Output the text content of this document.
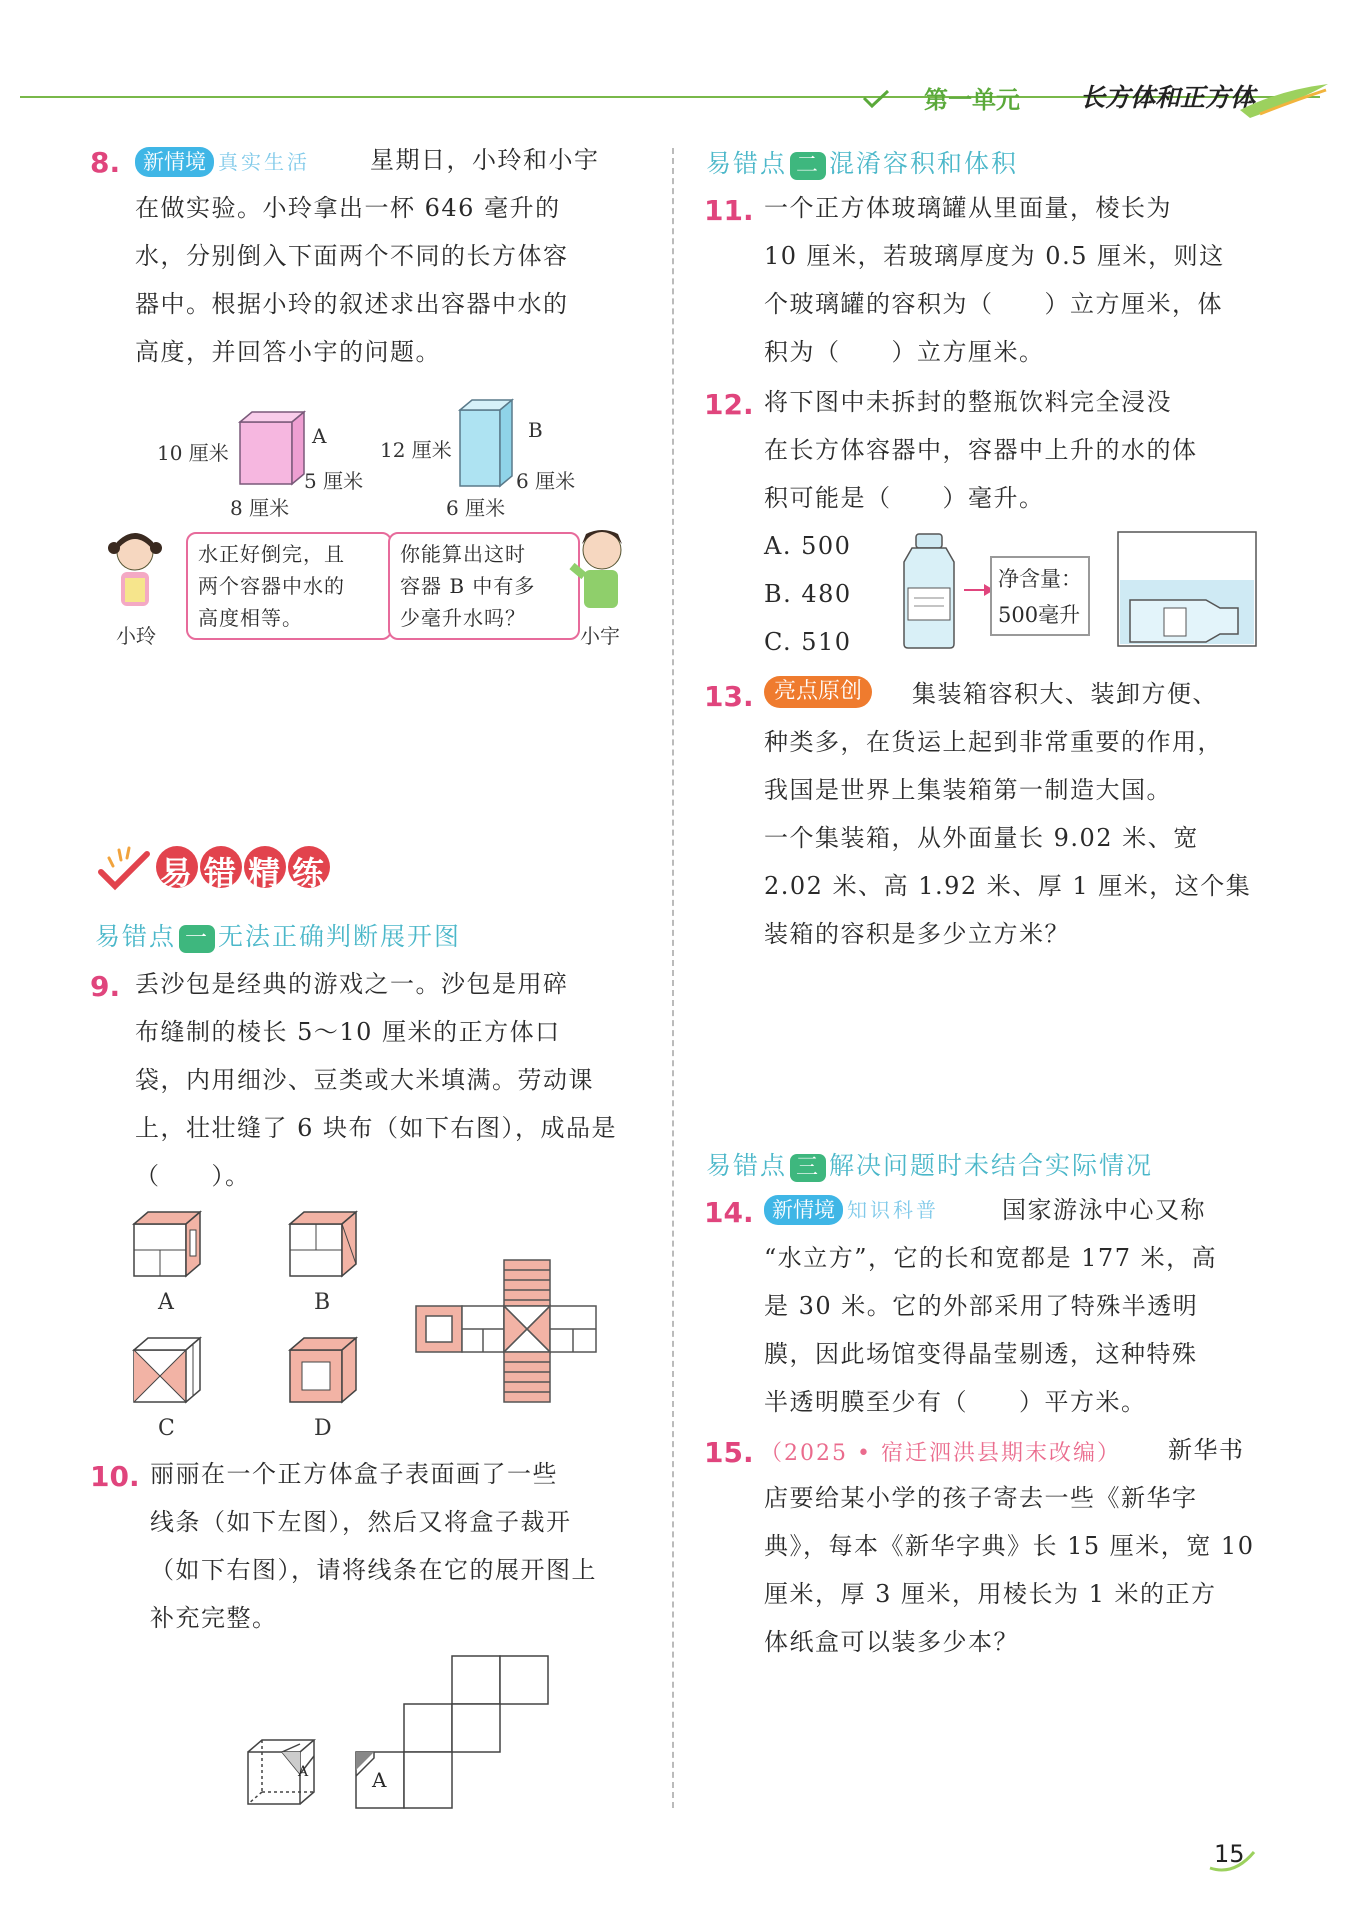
第一单元 长方体和正方体
8.	新情境 真实生活	星期日，小玲和小宇
在做实验。小玲拿出一杯 646 毫升的
水，分别倒入下面两个不同的长方体容
器中。根据小玲的叙述求出容器中水的
高度，并回答小宇的问题。
10 厘米
A
5 厘米
8 厘米
12 厘米
B
6 厘米
6 厘米
小玲
水正好倒完，且
两个容器中水的
高度相等。
你能算出这时
容器 B 中有多
少毫升水吗？
小宇
易错精练
易错点 一 无法正确判断展开图
9. 丢沙包是经典的游戏之一。沙包是用碎
布缝制的棱长 5～10 厘米的正方体口
袋，内用细沙、豆类或大米填满。劳动课
上，壮壮缝了 6 块布（如下右图），成品是
（　　）。
A	B
C	D
10. 丽丽在一个正方体盒子表面画了一些
线条（如下左图），然后又将盒子裁开
（如下右图），请将线条在它的展开图上
补充完整。
A	A
易错点 二 混淆容积和体积
11. 一个正方体玻璃罐从里面量，棱长为
10 厘米，若玻璃厚度为 0.5 厘米，则这
个玻璃罐的容积为（　　）立方厘米，体
积为（　　）立方厘米。
12. 将下图中未拆封的整瓶饮料完全浸没
在长方体容器中，容器中上升的水的体
积可能是（　　）毫升。
A. 500
B. 480
C. 510
净含量：
500毫升
13. 亮点原创	集装箱容积大、装卸方便、
种类多，在货运上起到非常重要的作用，
我国是世界上集装箱第一制造大国。
一个集装箱，从外面量长 9.02 米、宽
2.02 米、高 1.92 米、厚 1 厘米，这个集
装箱的容积是多少立方米？
易错点 三 解决问题时未结合实际情况
14. 新情境 知识科普	国家游泳中心又称
“水立方”，它的长和宽都是 177 米，高
是 30 米。它的外部采用了特殊半透明
膜，因此场馆变得晶莹剔透，这种特殊
半透明膜至少有（　　）平方米。
15. （2025 • 宿迁泗洪县期末改编） 新华书
店要给某小学的孩子寄去一些《新华字
典》，每本《新华字典》长 15 厘米，宽 10
厘米，厚 3 厘米，用棱长为 1 米的正方
体纸盒可以装多少本？
15
